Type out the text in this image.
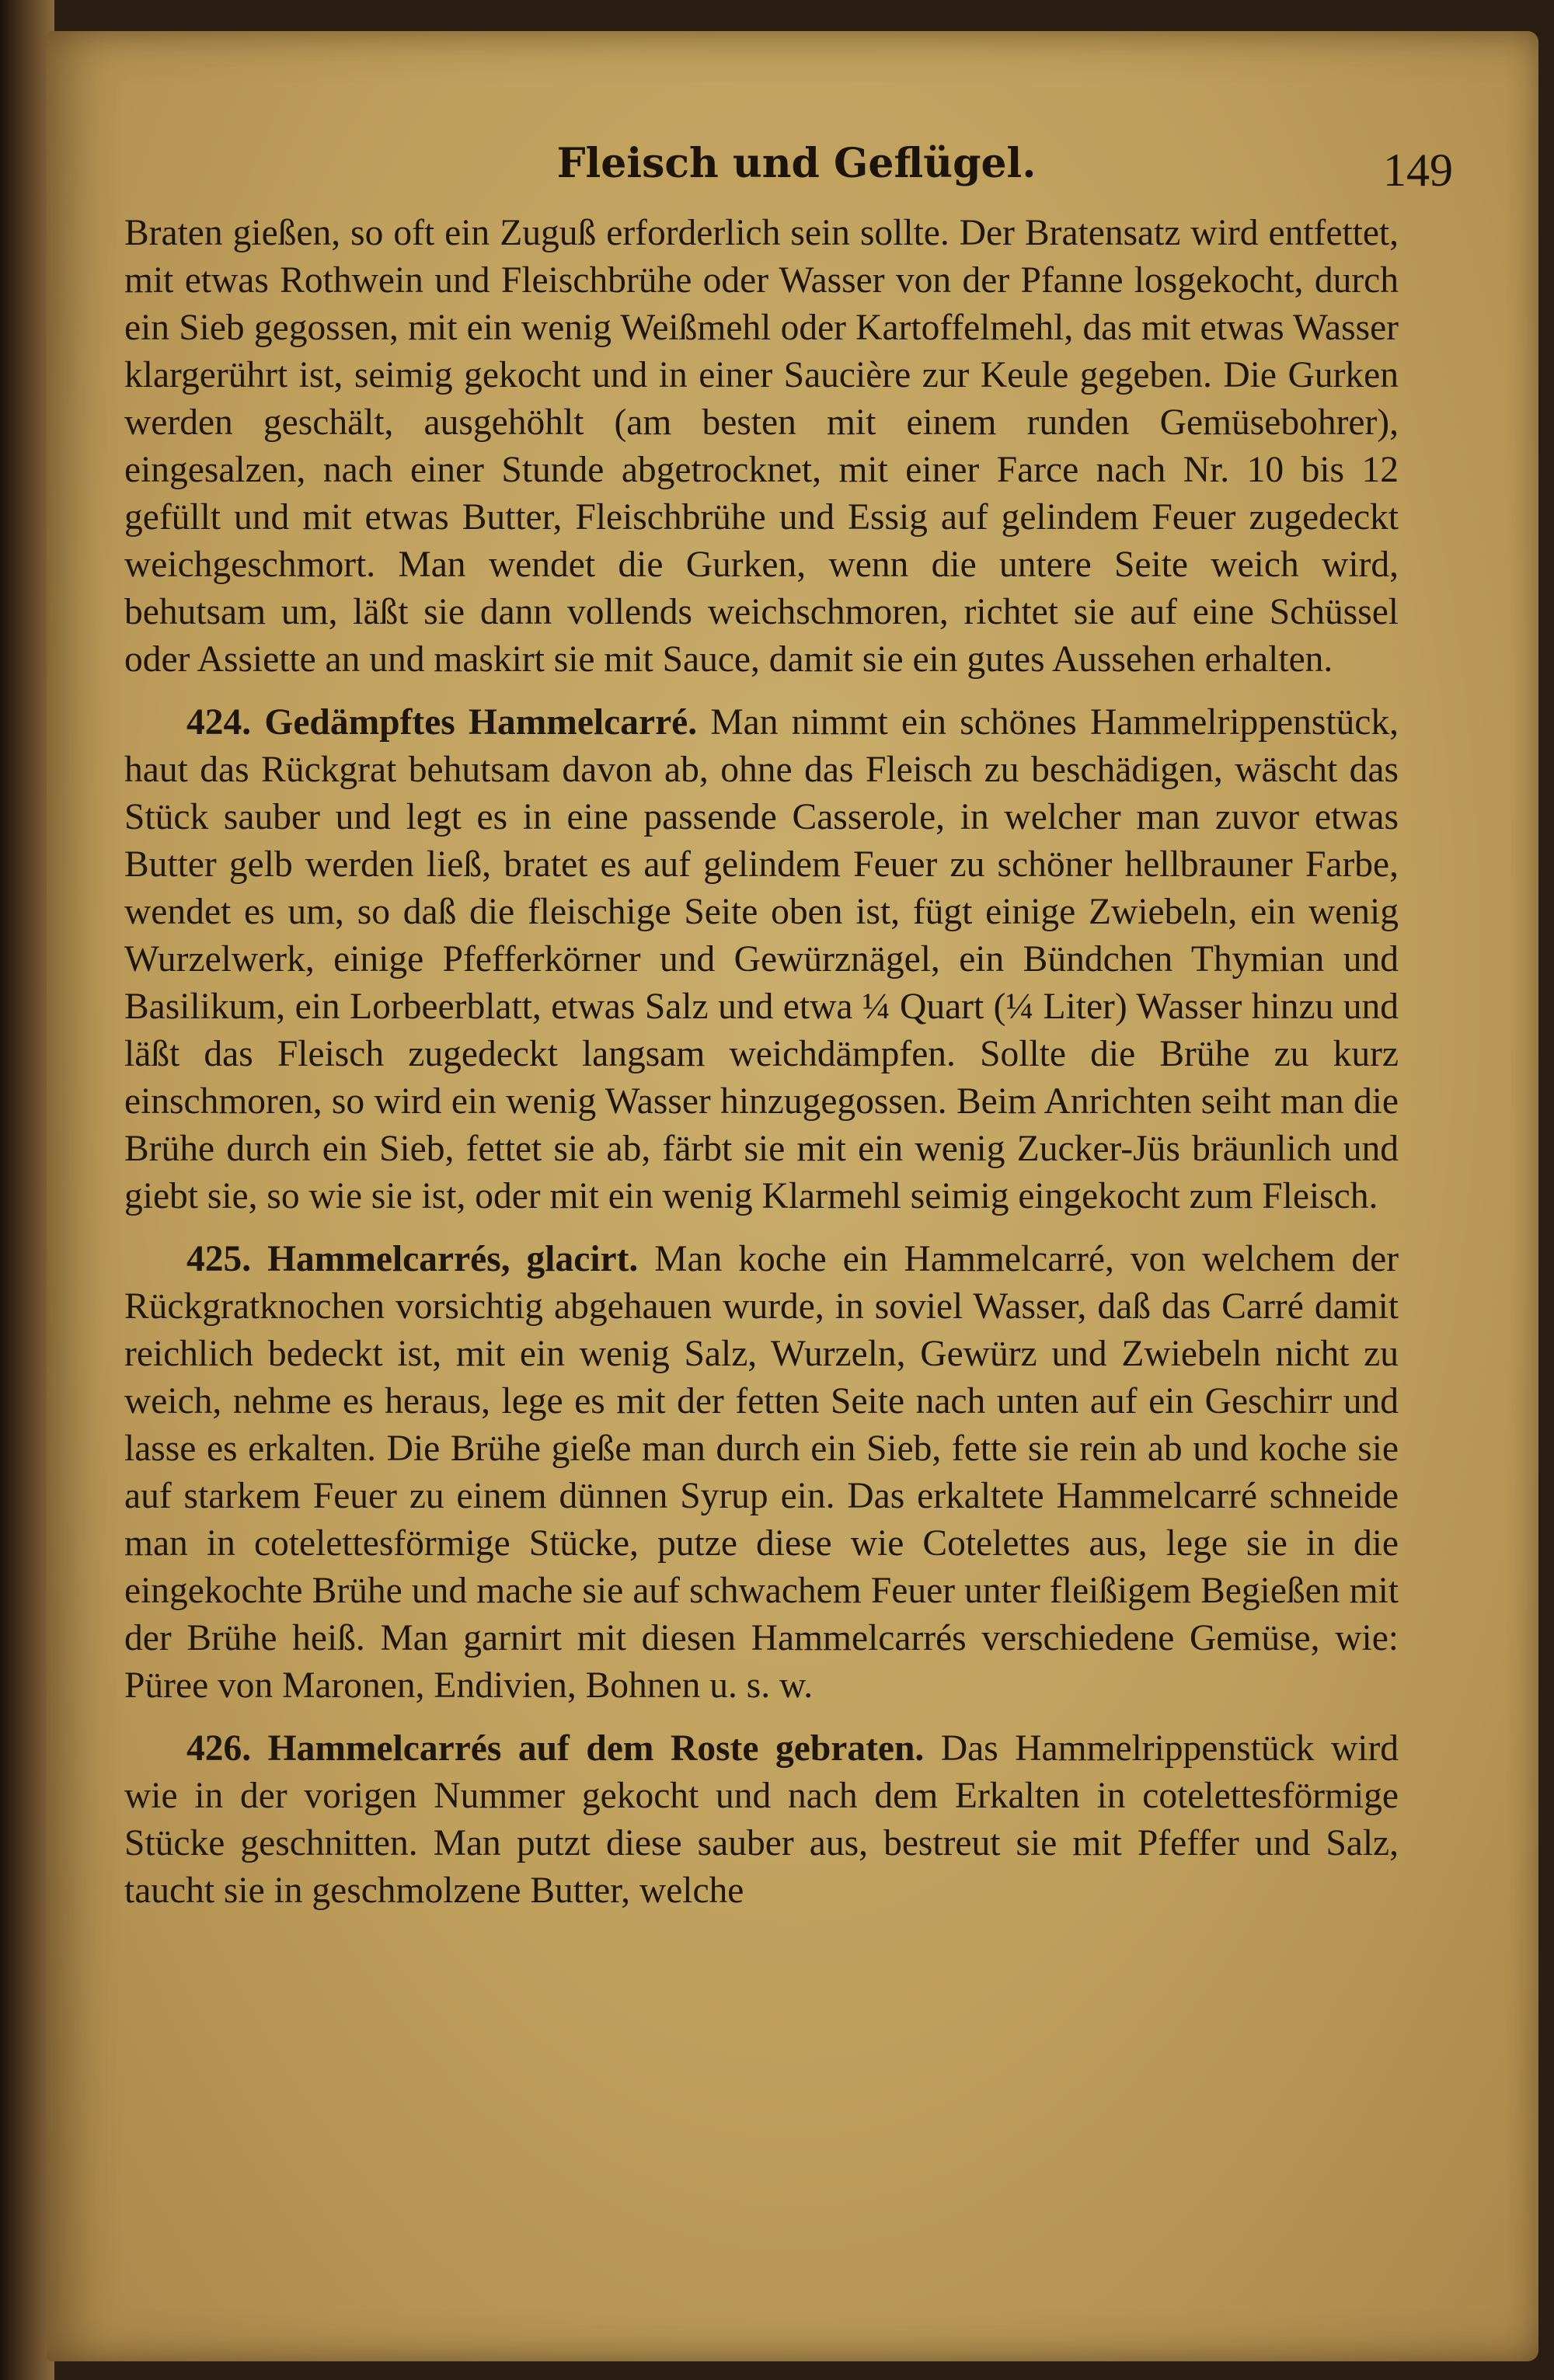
Fleisch und Geflügel.	149

Braten gießen, so oft ein Zuguß erforderlich sein sollte. Der Bratensatz wird entfettet, mit etwas Rothwein und Fleischbrühe oder Wasser von der Pfanne losgekocht, durch ein Sieb gegossen, mit ein wenig Weißmehl oder Kartoffelmehl, das mit etwas Wasser klargerührt ist, seimig gekocht und in einer Saucière zur Keule gegeben. Die Gurken werden geschält, ausgehöhlt (am besten mit einem runden Gemüsebohrer), eingesalzen, nach einer Stunde abgetrocknet, mit einer Farce nach Nr. 10 bis 12 gefüllt und mit etwas Butter, Fleischbrühe und Essig auf gelindem Feuer zugedeckt weichgeschmort. Man wendet die Gurken, wenn die untere Seite weich wird, behutsam um, läßt sie dann vollends weichschmoren, richtet sie auf eine Schüssel oder Assiette an und maskirt sie mit Sauce, damit sie ein gutes Aussehen erhalten.

424. Gedämpftes Hammelcarré. Man nimmt ein schönes Hammelrippenstück, haut das Rückgrat behutsam davon ab, ohne das Fleisch zu beschädigen, wäscht das Stück sauber und legt es in eine passende Casserole, in welcher man zuvor etwas Butter gelb werden ließ, bratet es auf gelindem Feuer zu schöner hellbrauner Farbe, wendet es um, so daß die fleischige Seite oben ist, fügt einige Zwiebeln, ein wenig Wurzelwerk, einige Pfefferkörner und Gewürznägel, ein Bündchen Thymian und Basilikum, ein Lorbeerblatt, etwas Salz und etwa ¼ Quart (¼ Liter) Wasser hinzu und läßt das Fleisch zugedeckt langsam weichdämpfen. Sollte die Brühe zu kurz einschmoren, so wird ein wenig Wasser hinzugegossen. Beim Anrichten seiht man die Brühe durch ein Sieb, fettet sie ab, färbt sie mit ein wenig Zucker-Jüs bräunlich und giebt sie, so wie sie ist, oder mit ein wenig Klarmehl seimig eingekocht zum Fleisch.

425. Hammelcarrés, glacirt. Man koche ein Hammelcarré, von welchem der Rückgratknochen vorsichtig abgehauen wurde, in soviel Wasser, daß das Carré damit reichlich bedeckt ist, mit ein wenig Salz, Wurzeln, Gewürz und Zwiebeln nicht zu weich, nehme es heraus, lege es mit der fetten Seite nach unten auf ein Geschirr und lasse es erkalten. Die Brühe gieße man durch ein Sieb, fette sie rein ab und koche sie auf starkem Feuer zu einem dünnen Syrup ein. Das erkaltete Hammelcarré schneide man in cotelettesförmige Stücke, putze diese wie Cotelettes aus, lege sie in die eingekochte Brühe und mache sie auf schwachem Feuer unter fleißigem Begießen mit der Brühe heiß. Man garnirt mit diesen Hammelcarrés verschiedene Gemüse, wie: Püree von Maronen, Endivien, Bohnen u. s. w.

426. Hammelcarrés auf dem Roste gebraten. Das Hammelrippenstück wird wie in der vorigen Nummer gekocht und nach dem Erkalten in cotelettesförmige Stücke geschnitten. Man putzt diese sauber aus, bestreut sie mit Pfeffer und Salz, taucht sie in geschmolzene Butter, welche
